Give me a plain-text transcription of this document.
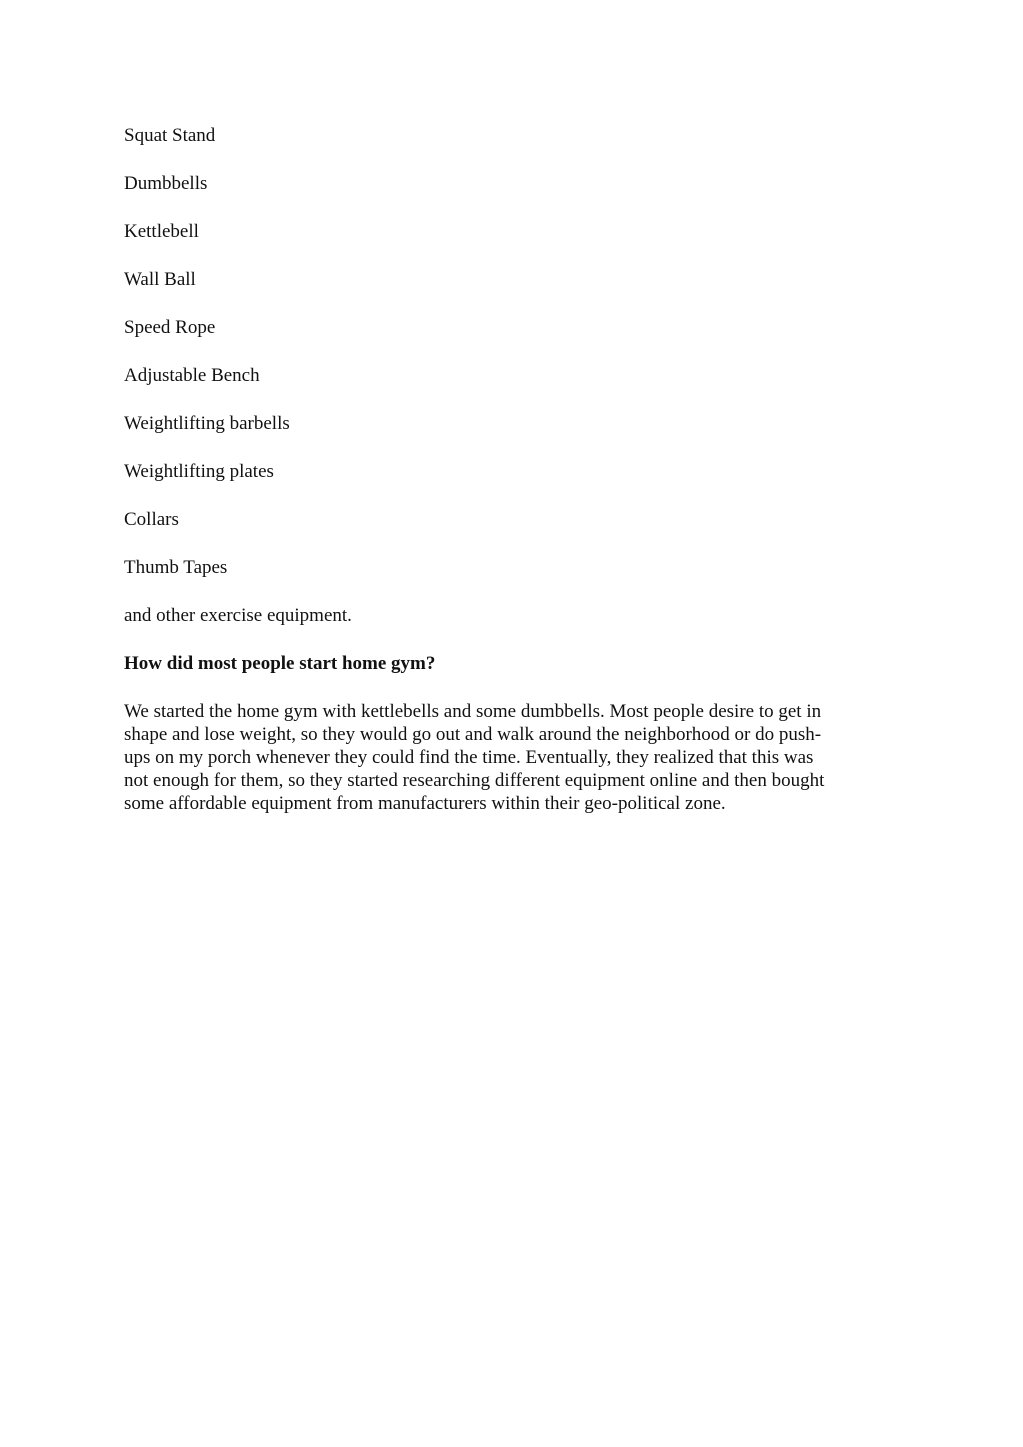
Squat Stand

Dumbbells

Kettlebell

Wall Ball

Speed Rope

Adjustable Bench

Weightlifting barbells

Weightlifting plates

Collars

Thumb Tapes

and other exercise equipment.

How did most people start home gym?

We started the home gym with kettlebells and some dumbbells. Most people desire to get in
shape and lose weight, so they would go out and walk around the neighborhood or do push-
ups on my porch whenever they could find the time. Eventually, they realized that this was
not enough for them, so they started researching different equipment online and then bought
some affordable equipment from manufacturers within their geo-political zone.
